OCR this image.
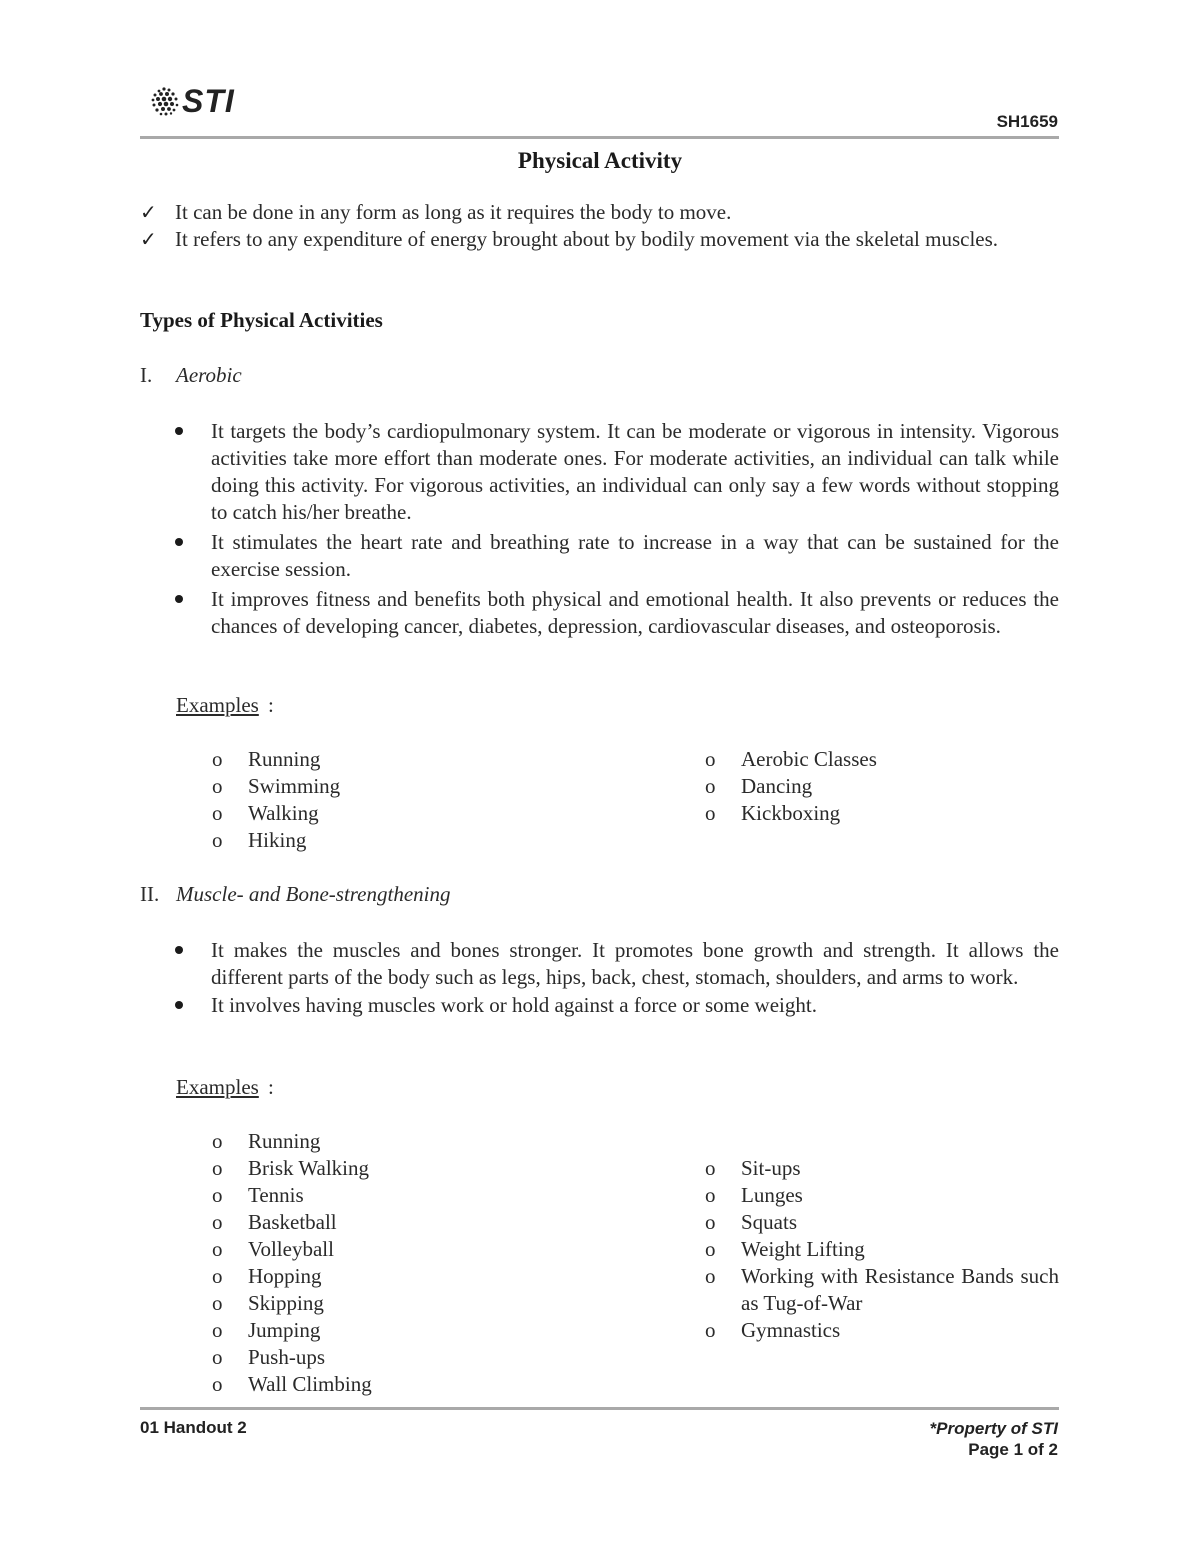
STI
SH1659
Physical Activity
✓ It can be done in any form as long as it requires the body to move.
✓ It refers to any expenditure of energy brought about by bodily movement via the skeletal muscles.
Types of Physical Activities
I. Aerobic
It targets the body’s cardiopulmonary system. It can be moderate or vigorous in intensity. Vigorous activities take more effort than moderate ones. For moderate activities, an individual can talk while doing this activity. For vigorous activities, an individual can only say a few words without stopping to catch his/her breathe.
It stimulates the heart rate and breathing rate to increase in a way that can be sustained for the exercise session.
It improves fitness and benefits both physical and emotional health. It also prevents or reduces the chances of developing cancer, diabetes, depression, cardiovascular diseases, and osteoporosis.
Examples :
o Running
o Swimming
o Walking
o Hiking
o Aerobic Classes
o Dancing
o Kickboxing
II. Muscle- and Bone-strengthening
It makes the muscles and bones stronger. It promotes bone growth and strength. It allows the different parts of the body such as legs, hips, back, chest, stomach, shoulders, and arms to work.
It involves having muscles work or hold against a force or some weight.
Examples :
o Running
o Brisk Walking
o Tennis
o Basketball
o Volleyball
o Hopping
o Skipping
o Jumping
o Push-ups
o Wall Climbing
o Sit-ups
o Lunges
o Squats
o Weight Lifting
o Working with Resistance Bands such as Tug-of-War
o Gymnastics
01 Handout 2	*Property of STI
Page 1 of 2
